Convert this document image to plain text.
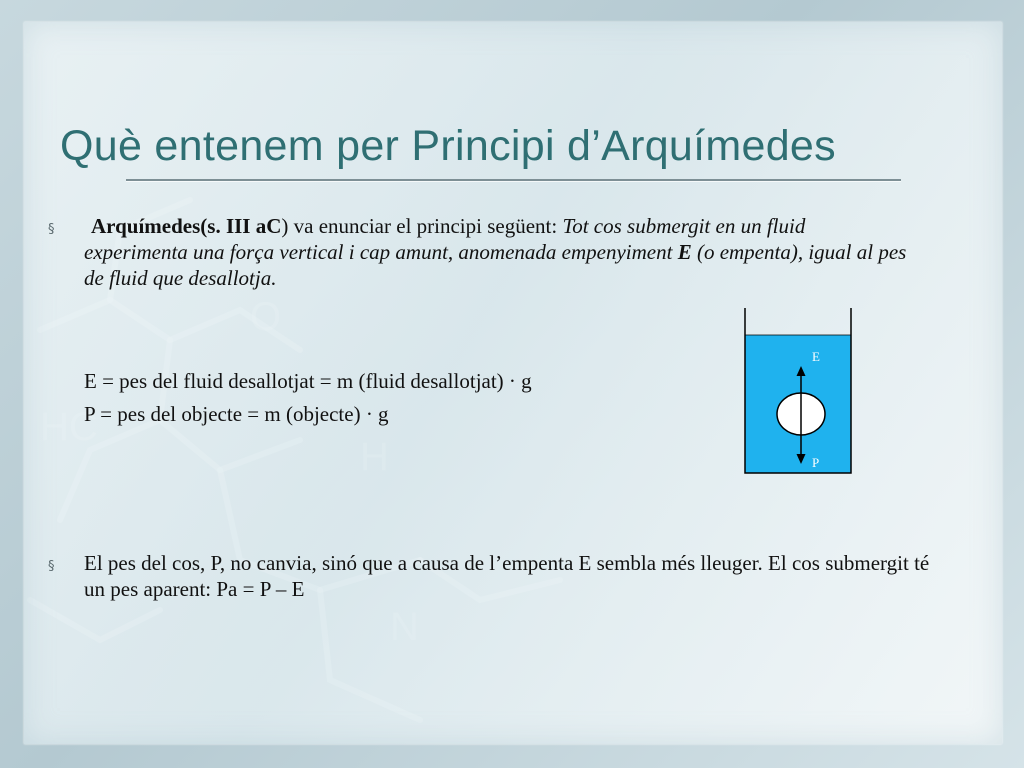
Què entenem per Principi d’Arquímedes
§	Arquímedes(s. III aC) va enunciar el principi següent: Tot cos submergit en un fluid experimenta una força vertical i cap amunt, anomenada empenyiment E (o empenta), igual al pes de fluid que desallotja.
E = pes del fluid desallotjat = m (fluid desallotjat) · g
P = pes del objecte = m (objecte) · g
E
P
§ El pes del cos, P, no canvia, sinó que a causa de l’empenta E sembla més lleuger. El cos submergit té un pes aparent: Pa = P – E
